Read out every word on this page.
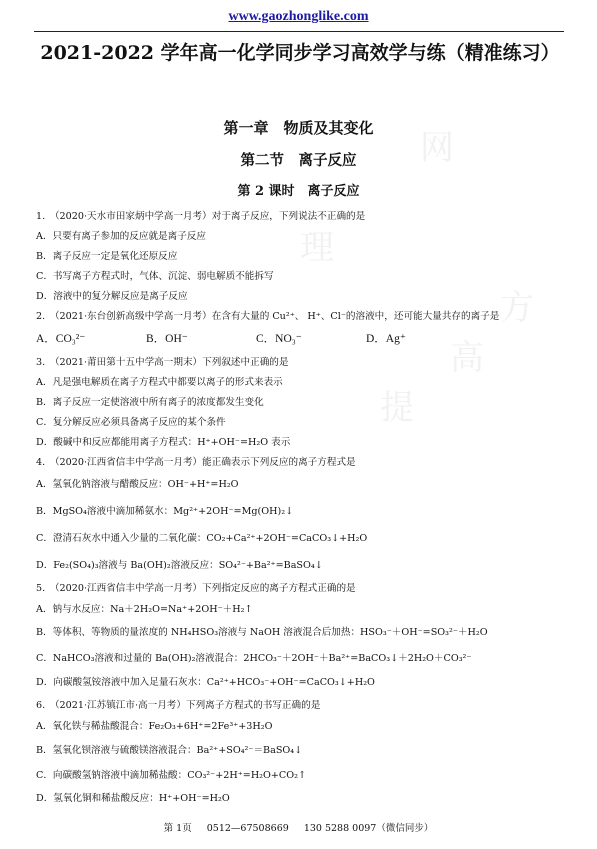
网
理
提
高
方
www.gaozhonglike.com
2021-2022 学年高一化学同步学习高效学与练（精准练习）
第一章　物质及其变化
第二节　离子反应
第 2 课时　离子反应
1.　（2020·天水市田家炳中学高一月考）对于离子反应，下列说法不正确的是
A．只要有离子参加的反应就是离子反应
B．离子反应一定是氧化还原反应
C．书写离子方程式时，气体、沉淀、弱电解质不能拆写
D．溶液中的复分解反应是离子反应
2.　（2021·东台创新高级中学高一月考）在含有大量的 Cu²⁺、 H⁺、Cl⁻的溶液中，还可能大量共存的离子是
A．CO₃²⁻	B．OH⁻	C．NO₃⁻	D．Ag⁺
3.　（2021·莆田第十五中学高一期末）下列叙述中正确的是
A．凡是强电解质在离子方程式中都要以离子的形式来表示
B．离子反应一定使溶液中所有离子的浓度都发生变化
C．复分解反应必须具备离子反应的某个条件
D．酸碱中和反应都能用离子方程式：H⁺+OH⁻=H₂O 表示
4.　（2020·江西省信丰中学高一月考）能正确表示下列反应的离子方程式是
A．氢氧化钠溶液与醋酸反应：OH⁻+H⁺=H₂O
B．MgSO₄溶液中滴加稀氨水：Mg²⁺+2OH⁻=Mg(OH)₂↓
C．澄清石灰水中通入少量的二氧化碳：CO₂+Ca²⁺+2OH⁻=CaCO₃↓+H₂O
D．Fe₂(SO₄)₃溶液与 Ba(OH)₂溶液反应：SO₄²⁻+Ba²⁺=BaSO₄↓
5.　（2020·江西省信丰中学高一月考）下列指定反应的离子方程式正确的是
A．钠与水反应：Na＋2H₂O=Na⁺+2OH⁻＋H₂↑
B．等体积、等物质的量浓度的 NH₄HSO₃溶液与 NaOH 溶液混合后加热：HSO₃⁻＋OH⁻=SO₃²⁻＋H₂O
C．NaHCO₃溶液和过量的 Ba(OH)₂溶液混合：2HCO₃⁻＋2OH⁻＋Ba²⁺=BaCO₃↓＋2H₂O＋CO₃²⁻
D．向碳酸氢铵溶液中加入足量石灰水：Ca²⁺+HCO₃⁻+OH⁻=CaCO₃↓+H₂O
6.　（2021·江苏镇江市·高一月考）下列离子方程式的书写正确的是
A．氧化铁与稀盐酸混合：Fe₂O₃+6H⁺=2Fe³⁺+3H₂O
B．氢氧化钡溶液与硫酸镁溶液混合：Ba²⁺+SO₄²⁻＝BaSO₄↓
C．向碳酸氢钠溶液中滴加稀盐酸：CO₃²⁻+2H⁺=H₂O+CO₂↑
D．氢氧化铜和稀盐酸反应：H⁺+OH⁻=H₂O
第 1页 0512—67508669 130 5288 0097（微信同步）
